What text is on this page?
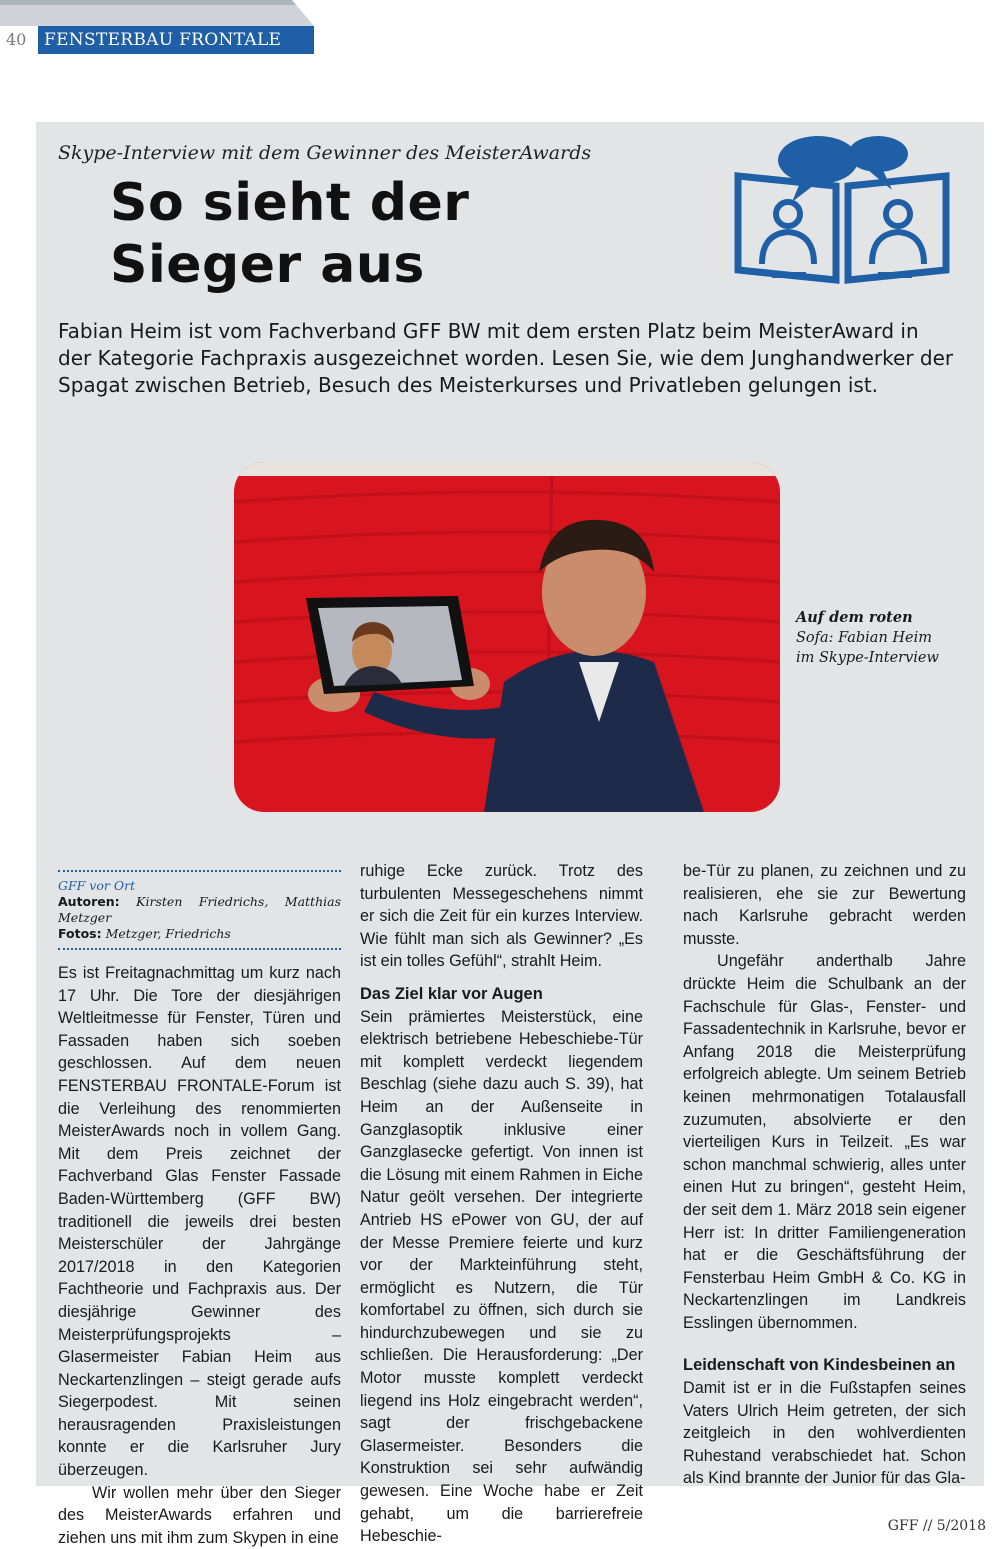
40	FENSTERBAU FRONTALE 2018
Skype-Interview mit dem Gewinner des MeisterAwards
So sieht der
Sieger aus

Fabian Heim ist vom Fachverband GFF BW mit dem ersten Platz beim MeisterAward in der Kategorie Fachpraxis ausgezeichnet worden. Lesen Sie, wie dem Junghandwerker der Spagat zwischen Betrieb, Besuch des Meisterkurses und Privatleben gelungen ist.

Auf dem roten Sofa: Fabian Heim im Skype-Interview
GFF vor Ort
Autoren: Kirsten Friedrichs, Matthias Metzger
Fotos: Metzger, Friedrichs

Es ist Freitagnachmittag um kurz nach 17 Uhr. Die Tore der diesjährigen Weltleitmesse für Fenster, Türen und Fassaden haben sich soeben geschlossen. Auf dem neuen FENSTERBAU FRONTALE-Forum ist die Verleihung des renommierten MeisterAwards noch in vollem Gang. Mit dem Preis zeichnet der Fachverband Glas Fenster Fassade Baden-Württemberg (GFF BW) traditionell die jeweils drei besten Meisterschüler der Jahrgänge 2017/2018 in den Kategorien Fachtheorie und Fachpraxis aus. Der diesjährige Gewinner des Meisterprüfungsprojekts – Glasermeister Fabian Heim aus Neckartenzlingen – steigt gerade aufs Siegerpodest. Mit seinen herausragenden Praxisleistungen konnte er die Karlsruher Jury überzeugen.

Wir wollen mehr über den Sieger des MeisterAwards erfahren und ziehen uns mit ihm zum Skypen in eine

ruhige Ecke zurück. Trotz des turbulenten Messegeschehens nimmt er sich die Zeit für ein kurzes Interview. Wie fühlt man sich als Gewinner? „Es ist ein tolles Gefühl“, strahlt Heim.

Das Ziel klar vor Augen

Sein prämiertes Meisterstück, eine elektrisch betriebene Hebeschiebe-Tür mit komplett verdeckt liegendem Beschlag (siehe dazu auch S. 39), hat Heim an der Außenseite in Ganzglasoptik inklusive einer Ganzglasecke gefertigt. Von innen ist die Lösung mit einem Rahmen in Eiche Natur geölt versehen. Der integrierte Antrieb HS ePower von GU, der auf der Messe Premiere feierte und kurz vor der Markteinführung steht, ermöglicht es Nutzern, die Tür komfortabel zu öffnen, sich durch sie hindurchzubewegen und sie zu schließen. Die Herausforderung: „Der Motor musste komplett verdeckt liegend ins Holz eingebracht werden“, sagt der frischgebackene Glasermeister. Besonders die Konstruktion sei sehr aufwändig gewesen. Eine Woche habe er Zeit gehabt, um die barrierefreie Hebeschie-

be-Tür zu planen, zu zeichnen und zu realisieren, ehe sie zur Bewertung nach Karlsruhe gebracht werden musste.

Ungefähr anderthalb Jahre drückte Heim die Schulbank an der Fachschule für Glas-, Fenster- und Fassadentechnik in Karlsruhe, bevor er Anfang 2018 die Meisterprüfung erfolgreich ablegte. Um seinem Betrieb keinen mehrmonatigen Totalausfall zuzumuten, absolvierte er den vierteiligen Kurs in Teilzeit. „Es war schon manchmal schwierig, alles unter einen Hut zu bringen“, gesteht Heim, der seit dem 1. März 2018 sein eigener Herr ist: In dritter Familiengeneration hat er die Geschäftsführung der Fensterbau Heim GmbH & Co. KG in Neckartenzlingen im Landkreis Esslingen übernommen.

Leidenschaft von Kindesbeinen an

Damit ist er in die Fußstapfen seines Vaters Ulrich Heim getreten, der sich zeitgleich in den wohlverdienten Ruhestand verabschiedet hat. Schon als Kind brannte der Junior für das Gla-

GFF // 5/2018
